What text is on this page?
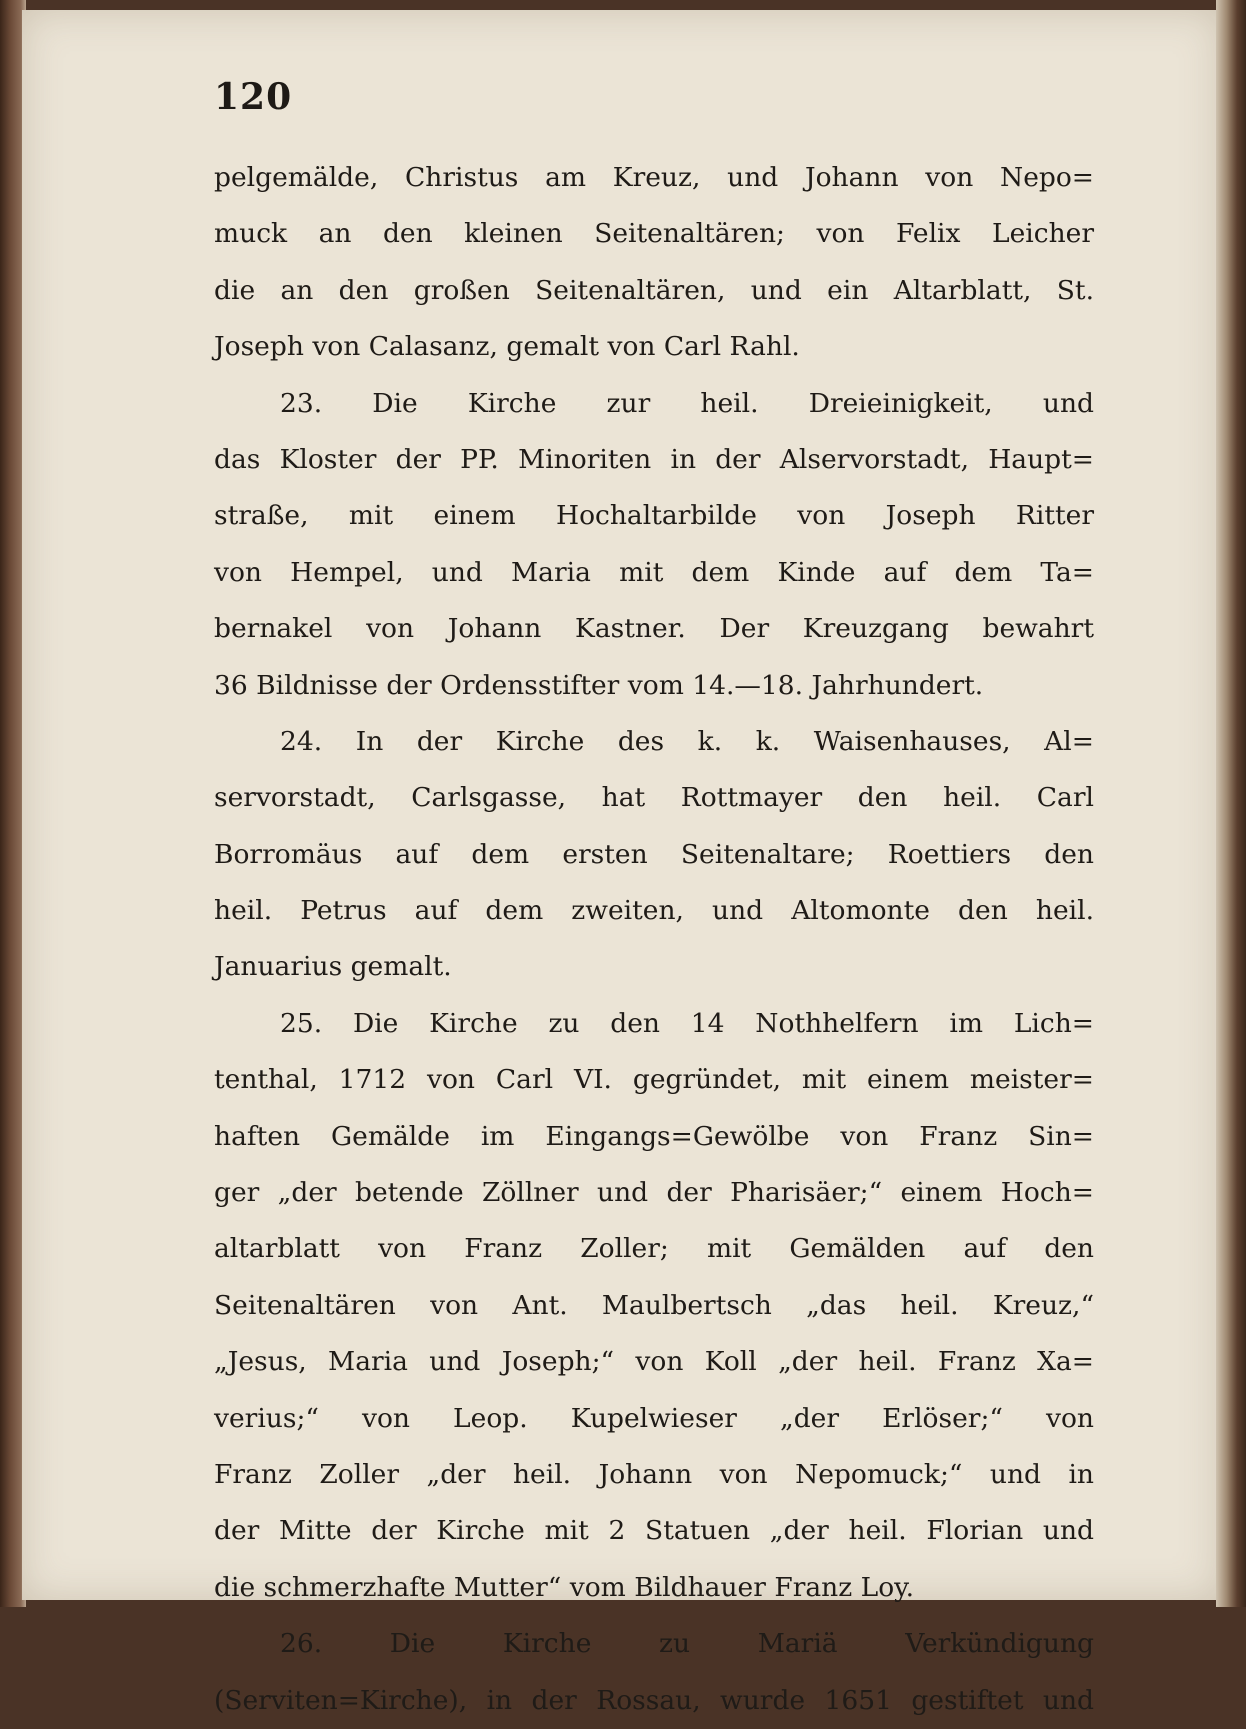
120

pelgemälde, Christus am Kreuz, und Johann von Nepo=
muck an den kleinen Seitenaltären; von Felix Leicher
die an den großen Seitenaltären, und ein Altarblatt, St.
Joseph von Calasanz, gemalt von Carl Rahl.
23. Die Kirche zur heil. Dreieinigkeit, und
das Kloster der PP. Minoriten in der Alservorstadt, Haupt=
straße, mit einem Hochaltarbilde von Joseph Ritter
von Hempel, und Maria mit dem Kinde auf dem Ta=
bernakel von Johann Kastner. Der Kreuzgang bewahrt
36 Bildnisse der Ordensstifter vom 14.—18. Jahrhundert.
24. In der Kirche des k. k. Waisenhauses, Al=
servorstadt, Carlsgasse, hat Rottmayer den heil. Carl
Borromäus auf dem ersten Seitenaltare; Roettiers den
heil. Petrus auf dem zweiten, und Altomonte den heil.
Januarius gemalt.
25. Die Kirche zu den 14 Nothhelfern im Lich=
tenthal, 1712 von Carl VI. gegründet, mit einem meister=
haften Gemälde im Eingangs=Gewölbe von Franz Sin=
ger „der betende Zöllner und der Pharisäer;“ einem Hoch=
altarblatt von Franz Zoller; mit Gemälden auf den
Seitenaltären von Ant. Maulbertsch „das heil. Kreuz,“
„Jesus, Maria und Joseph;“ von Koll „der heil. Franz Xa=
verius;“ von Leop. Kupelwieser „der Erlöser;“ von
Franz Zoller „der heil. Johann von Nepomuck;“ und in
der Mitte der Kirche mit 2 Statuen „der heil. Florian und
die schmerzhafte Mutter“ vom Bildhauer Franz Loy.
26. Die Kirche zu Mariä Verkündigung
(Serviten=Kirche), in der Rossau, wurde 1651 gestiftet und
